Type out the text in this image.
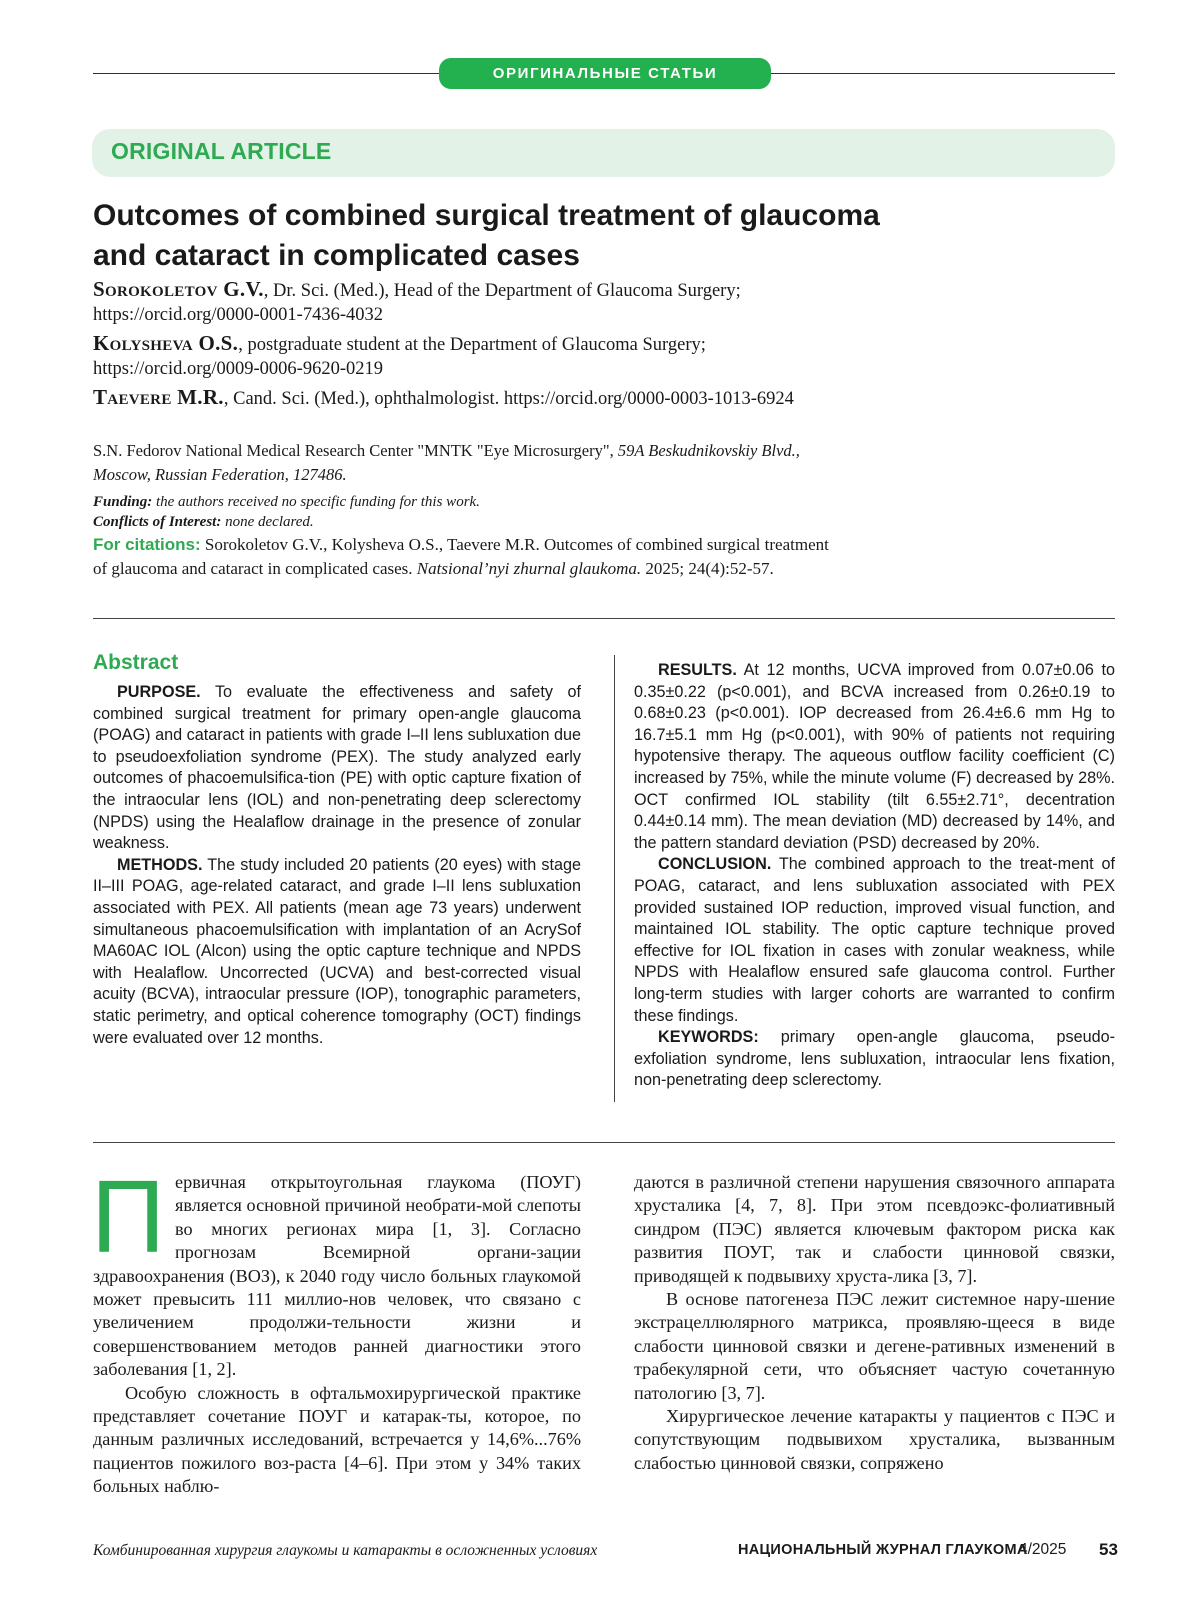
ОРИГИНАЛЬНЫЕ СТАТЬИ
ORIGINAL ARTICLE
Outcomes of combined surgical treatment of glaucoma
and cataract in complicated cases
Sorokoletov G.V., Dr. Sci. (Med.), Head of the Department of Glaucoma Surgery;
https://orcid.org/0000-0001-7436-4032
Kolysheva O.S., postgraduate student at the Department of Glaucoma Surgery;
https://orcid.org/0009-0006-9620-0219
Taevere M.R., Cand. Sci. (Med.), ophthalmologist. https://orcid.org/0000-0003-1013-6924
S.N. Fedorov National Medical Research Center "MNTK "Eye Microsurgery", 59A Beskudnikovskiy Blvd.,
Moscow, Russian Federation, 127486.
Funding: the authors received no specific funding for this work.
Conflicts of Interest: none declared.
For citations: Sorokoletov G.V., Kolysheva O.S., Taevere M.R. Outcomes of combined surgical treatment
of glaucoma and cataract in complicated cases. Natsional’nyi zhurnal glaukoma. 2025; 24(4):52-57.
Abstract

PURPOSE. To evaluate the effectiveness and safety of combined surgical treatment for primary open-angle glaucoma (POAG) and cataract in patients with grade I–II lens subluxation due to pseudoexfoliation syndrome (PEX). The study analyzed early outcomes of phacoemulsifica-tion (PE) with optic capture fixation of the intraocular lens (IOL) and non-penetrating deep sclerectomy (NPDS) using the Healaflow drainage in the presence of zonular weakness.

METHODS. The study included 20 patients (20 eyes) with stage II–III POAG, age-related cataract, and grade I–II lens subluxation associated with PEX. All patients (mean age 73 years) underwent simultaneous phacoemulsification with implantation of an AcrySof MA60AC IOL (Alcon) using the optic capture technique and NPDS with Healaflow. Uncorrected (UCVA) and best-corrected visual acuity (BCVA), intraocular pressure (IOP), tonographic parameters, static perimetry, and optical coherence tomography (OCT) findings were evaluated over 12 months.

RESULTS. At 12 months, UCVA improved from 0.07±0.06 to 0.35±0.22 (p<0.001), and BCVA increased from 0.26±0.19 to 0.68±0.23 (p<0.001). IOP decreased from 26.4±6.6 mm Hg to 16.7±5.1 mm Hg (p<0.001), with 90% of patients not requiring hypotensive therapy. The aqueous outflow facility coefficient (C) increased by 75%, while the minute volume (F) decreased by 28%. OCT confirmed IOL stability (tilt 6.55±2.71°, decentration 0.44±0.14 mm). The mean deviation (MD) decreased by 14%, and the pattern standard deviation (PSD) decreased by 20%.

CONCLUSION. The combined approach to the treat-ment of POAG, cataract, and lens subluxation associated with PEX provided sustained IOP reduction, improved visual function, and maintained IOL stability. The optic capture technique proved effective for IOL fixation in cases with zonular weakness, while NPDS with Healaflow ensured safe glaucoma control. Further long-term studies with larger cohorts are warranted to confirm these findings.

KEYWORDS: primary open-angle glaucoma, pseudo-exfoliation syndrome, lens subluxation, intraocular lens fixation, non-penetrating deep sclerectomy.

П ервичная открытоугольная глаукома (ПОУГ) является основной причиной необрати-мой слепоты во многих регионах мира [1, 3]. Согласно прогнозам Всемирной органи-зации здравоохранения (ВОЗ), к 2040 году число больных глаукомой может превысить 111 миллио-нов человек, что связано с увеличением продолжи-тельности жизни и совершенствованием методов ранней диагностики этого заболевания [1, 2].

Особую сложность в офтальмохирургической практике представляет сочетание ПОУГ и катарак-ты, которое, по данным различных исследований, встречается у 14,6%...76% пациентов пожилого воз-раста [4–6]. При этом у 34% таких больных наблю-

даются в различной степени нарушения связочного аппарата хрусталика [4, 7, 8]. При этом псевдоэкс-фолиативный синдром (ПЭС) является ключевым фактором риска как развития ПОУГ, так и слабости цинновой связки, приводящей к подвывиху хруста-лика [3, 7].

В основе патогенеза ПЭС лежит системное нару-шение экстрацеллюлярного матрикса, проявляю-щееся в виде слабости цинновой связки и дегене-ративных изменений в трабекулярной сети, что объясняет частую сочетанную патологию [3, 7].

Хирургическое лечение катаракты у пациентов с ПЭС и сопутствующим подвывихом хрусталика, вызванным слабостью цинновой связки, сопряжено

Комбинированная хирургия глаукомы и катаракты в осложненных условиях	НАЦИОНАЛЬНЫЙ ЖУРНАЛ ГЛАУКОМА
4/2025 53
